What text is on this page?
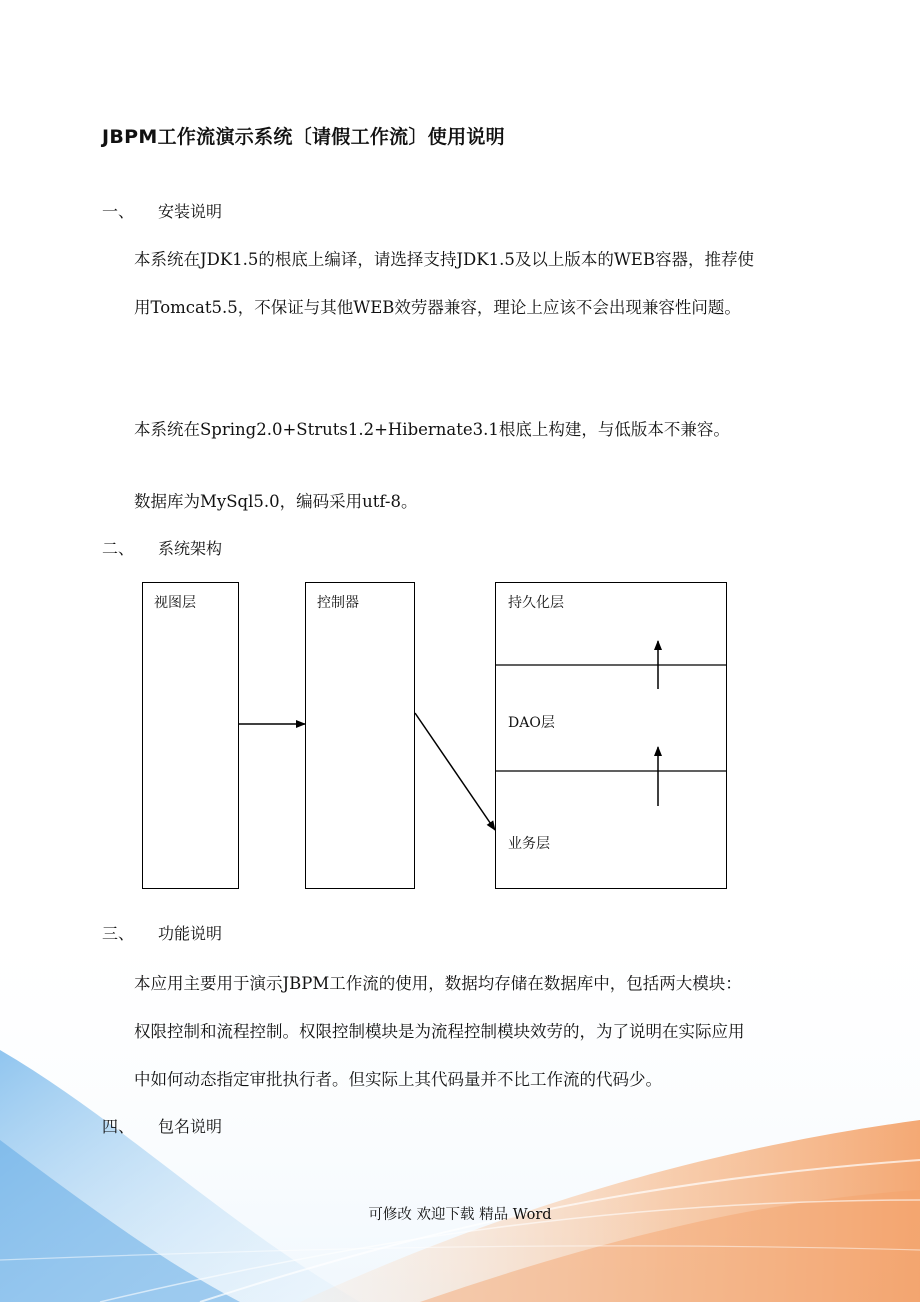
JBPM工作流演示系统〔请假工作流〕使用说明
一、	安装说明
本系统在JDK1.5的根底上编译，请选择支持JDK1.5及以上版本的WEB容器，推荐使
用Tomcat5.5，不保证与其他WEB效劳器兼容，理论上应该不会出现兼容性问题。
本系统在Spring2.0+Struts1.2+Hibernate3.1根底上构建，与低版本不兼容。
数据库为MySql5.0，编码采用utf-8。
二、	系统架构
视图层	控制器	持久化层
DAO层
业务层
三、	功能说明
本应用主要用于演示JBPM工作流的使用，数据均存储在数据库中，包括两大模块：
权限控制和流程控制。权限控制模块是为流程控制模块效劳的，为了说明在实际应用
中如何动态指定审批执行者。但实际上其代码量并不比工作流的代码少。
四、	包名说明
可修改 欢迎下载 精品 Word
